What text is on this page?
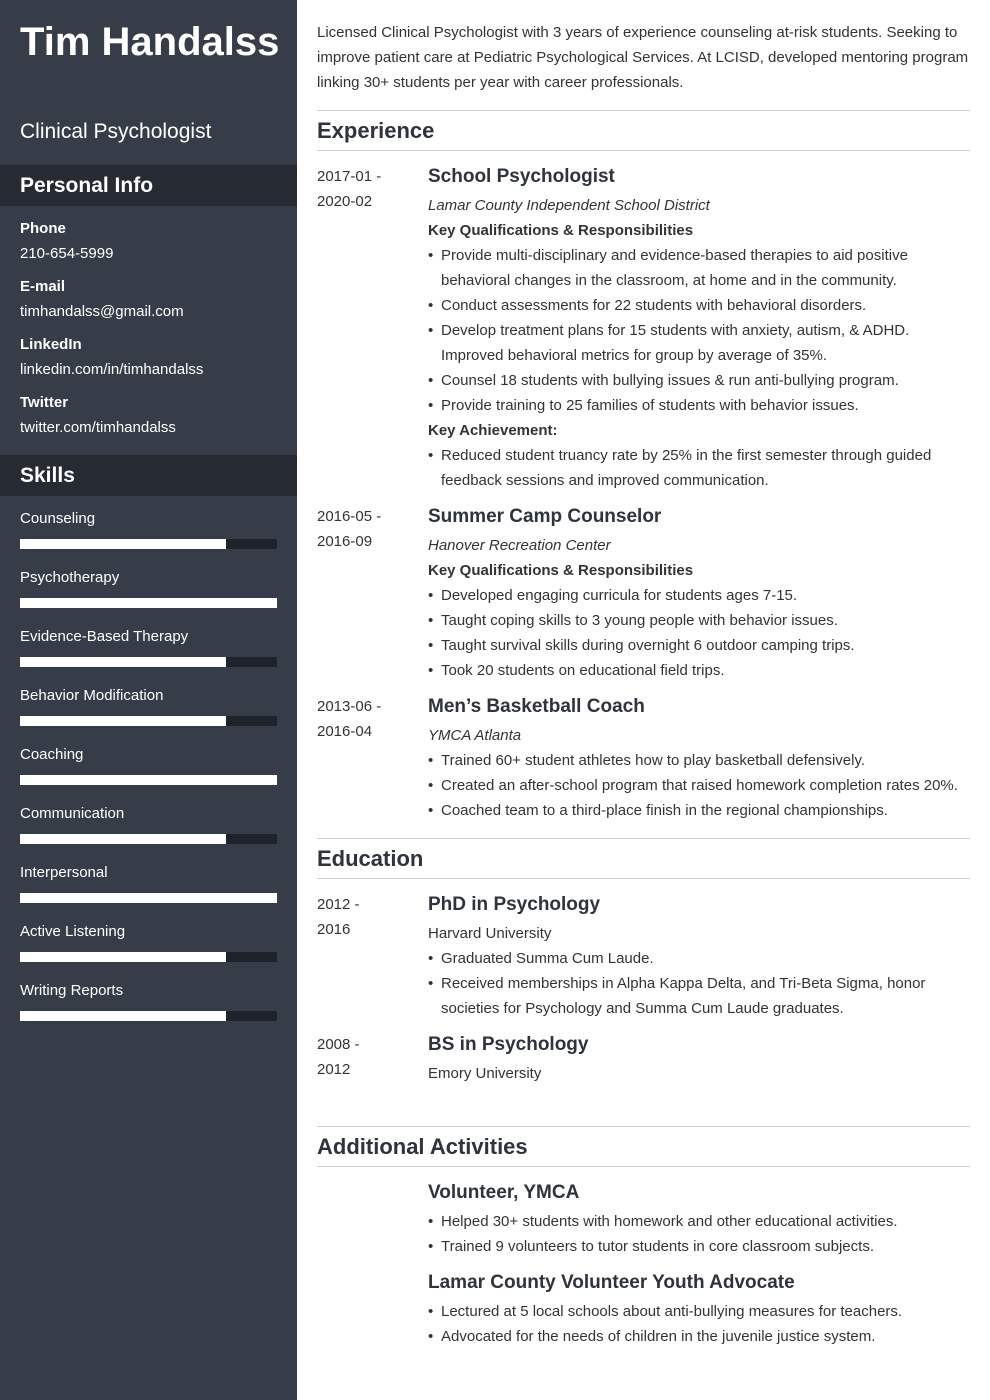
Tim Handalss
Clinical Psychologist
Personal Info
Phone
210-654-5999
E-mail
timhandalss@gmail.com
LinkedIn
linkedin.com/in/timhandalss
Twitter
twitter.com/timhandalss
Skills
Counseling
Psychotherapy
Evidence-Based Therapy
Behavior Modification
Coaching
Communication
Interpersonal
Active Listening
Writing Reports
Licensed Clinical Psychologist with 3 years of experience counseling at-risk students. Seeking to improve patient care at Pediatric Psychological Services. At LCISD, developed mentoring program linking 30+ students per year with career professionals.
Experience
2017-01 -
2020-02
School Psychologist
Lamar County Independent School District
Key Qualifications & Responsibilities
• Provide multi-disciplinary and evidence-based therapies to aid positive behavioral changes in the classroom, at home and in the community.
• Conduct assessments for 22 students with behavioral disorders.
• Develop treatment plans for 15 students with anxiety, autism, & ADHD. Improved behavioral metrics for group by average of 35%.
• Counsel 18 students with bullying issues & run anti-bullying program.
• Provide training to 25 families of students with behavior issues.
Key Achievement:
• Reduced student truancy rate by 25% in the first semester through guided feedback sessions and improved communication.
2016-05 -
2016-09
Summer Camp Counselor
Hanover Recreation Center
Key Qualifications & Responsibilities
• Developed engaging curricula for students ages 7-15.
• Taught coping skills to 3 young people with behavior issues.
• Taught survival skills during overnight 6 outdoor camping trips.
• Took 20 students on educational field trips.
2013-06 -
2016-04
Men’s Basketball Coach
YMCA Atlanta
• Trained 60+ student athletes how to play basketball defensively.
• Created an after-school program that raised homework completion rates 20%.
• Coached team to a third-place finish in the regional championships.
Education
2012 -
2016
PhD in Psychology
Harvard University
• Graduated Summa Cum Laude.
• Received memberships in Alpha Kappa Delta, and Tri-Beta Sigma, honor societies for Psychology and Summa Cum Laude graduates.
2008 -
2012
BS in Psychology
Emory University
Additional Activities
Volunteer, YMCA
• Helped 30+ students with homework and other educational activities.
• Trained 9 volunteers to tutor students in core classroom subjects.
Lamar County Volunteer Youth Advocate
• Lectured at 5 local schools about anti-bullying measures for teachers.
• Advocated for the needs of children in the juvenile justice system.
